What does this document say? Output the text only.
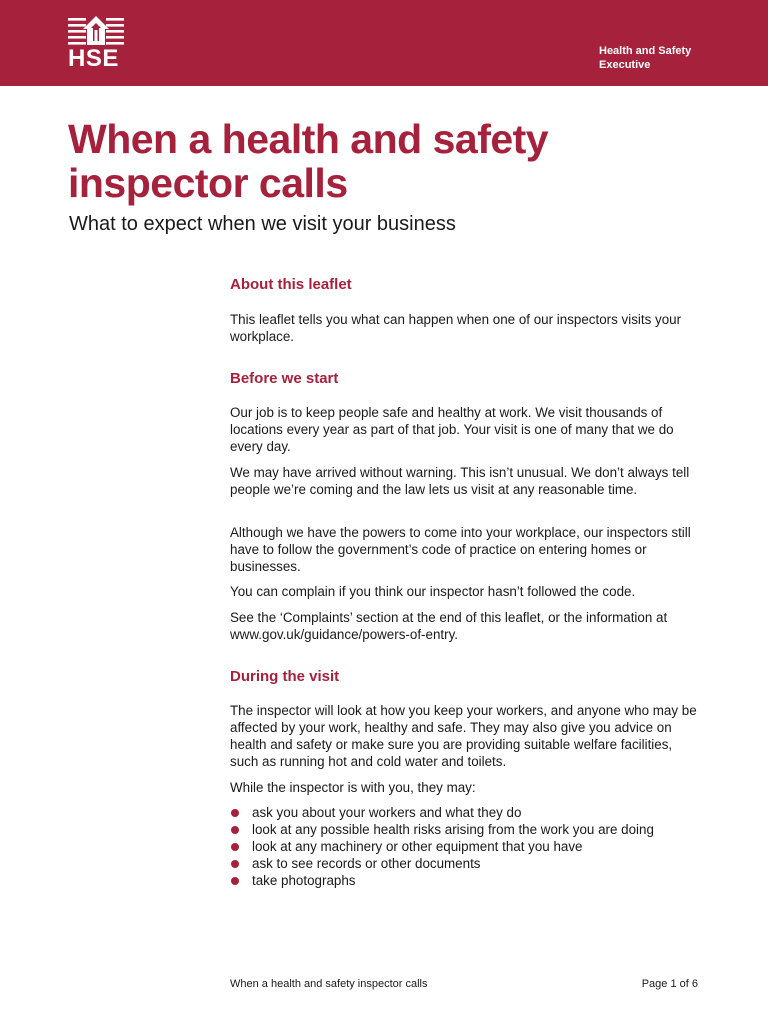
HSE	Health and Safety
Executive
When a health and safety inspector calls
What to expect when we visit your business
About this leaflet

This leaflet tells you what can happen when one of our inspectors visits your workplace.

Before we start

Our job is to keep people safe and healthy at work. We visit thousands of locations every year as part of that job. Your visit is one of many that we do every day.

We may have arrived without warning. This isn’t unusual. We don’t always tell people we’re coming and the law lets us visit at any reasonable time.

Although we have the powers to come into your workplace, our inspectors still have to follow the government’s code of practice on entering homes or businesses.

You can complain if you think our inspector hasn’t followed the code.

See the ‘Complaints’ section at the end of this leaflet, or the information at www.gov.uk/guidance/powers-of-entry.

During the visit

The inspector will look at how you keep your workers, and anyone who may be affected by your work, healthy and safe. They may also give you advice on health and safety or make sure you are providing suitable welfare facilities, such as running hot and cold water and toilets.

While the inspector is with you, they may:

ask you about your workers and what they do
look at any possible health risks arising from the work you are doing
look at any machinery or other equipment that you have
ask to see records or other documents
take photographs
When a health and safety inspector calls	Page 1 of 6
